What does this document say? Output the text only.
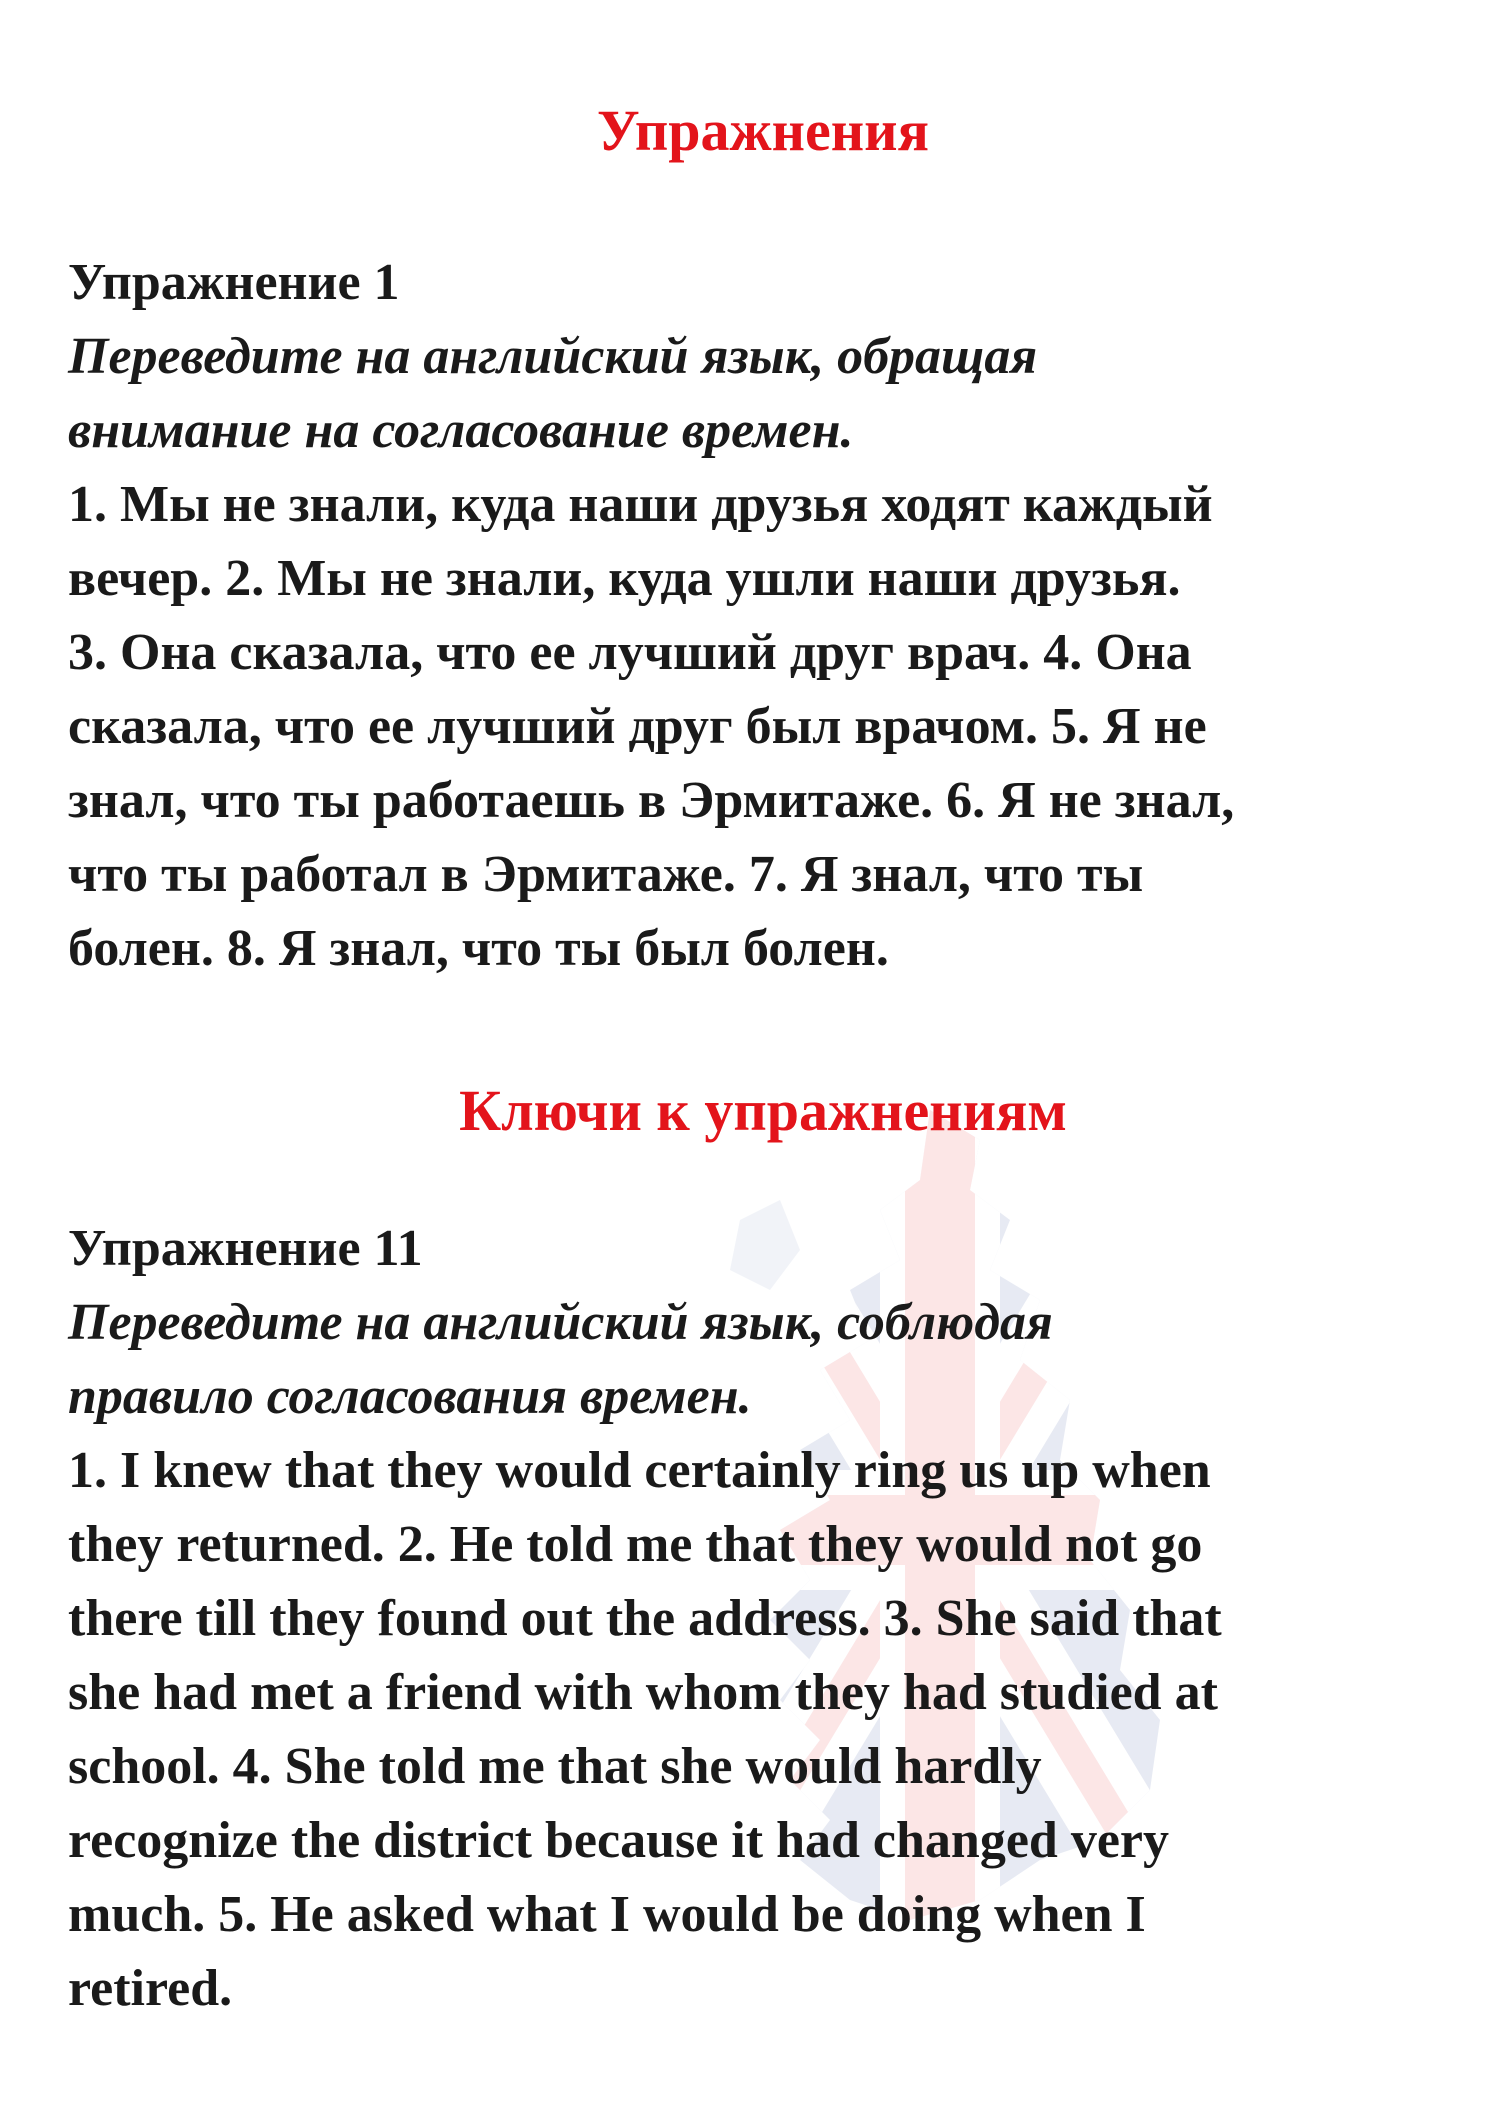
Упражнения
Упражнение 1
Переведите на английский язык, обращая
внимание на согласование времен.
1. Мы не знали, куда наши друзья ходят каждый
вечер. 2. Мы не знали, куда ушли наши друзья.
3. Она сказала, что ее лучший друг врач. 4. Она
сказала, что ее лучший друг был врачом. 5. Я не
знал, что ты работаешь в Эрмитаже. 6. Я не знал,
что ты работал в Эрмитаже. 7. Я знал, что ты
болен. 8. Я знал, что ты был болен.
Ключи к упражнениям
Упражнение 11
Переведите на английский язык, соблюдая
правило согласования времен.
1. I knew that they would certainly ring us up when
they returned. 2. He told me that they would not go
there till they found out the address. 3. She said that
she had met a friend with whom they had studied at
school. 4. She told me that she would hardly
recognize the district because it had changed very
much. 5. He asked what I would be doing when I
retired.
